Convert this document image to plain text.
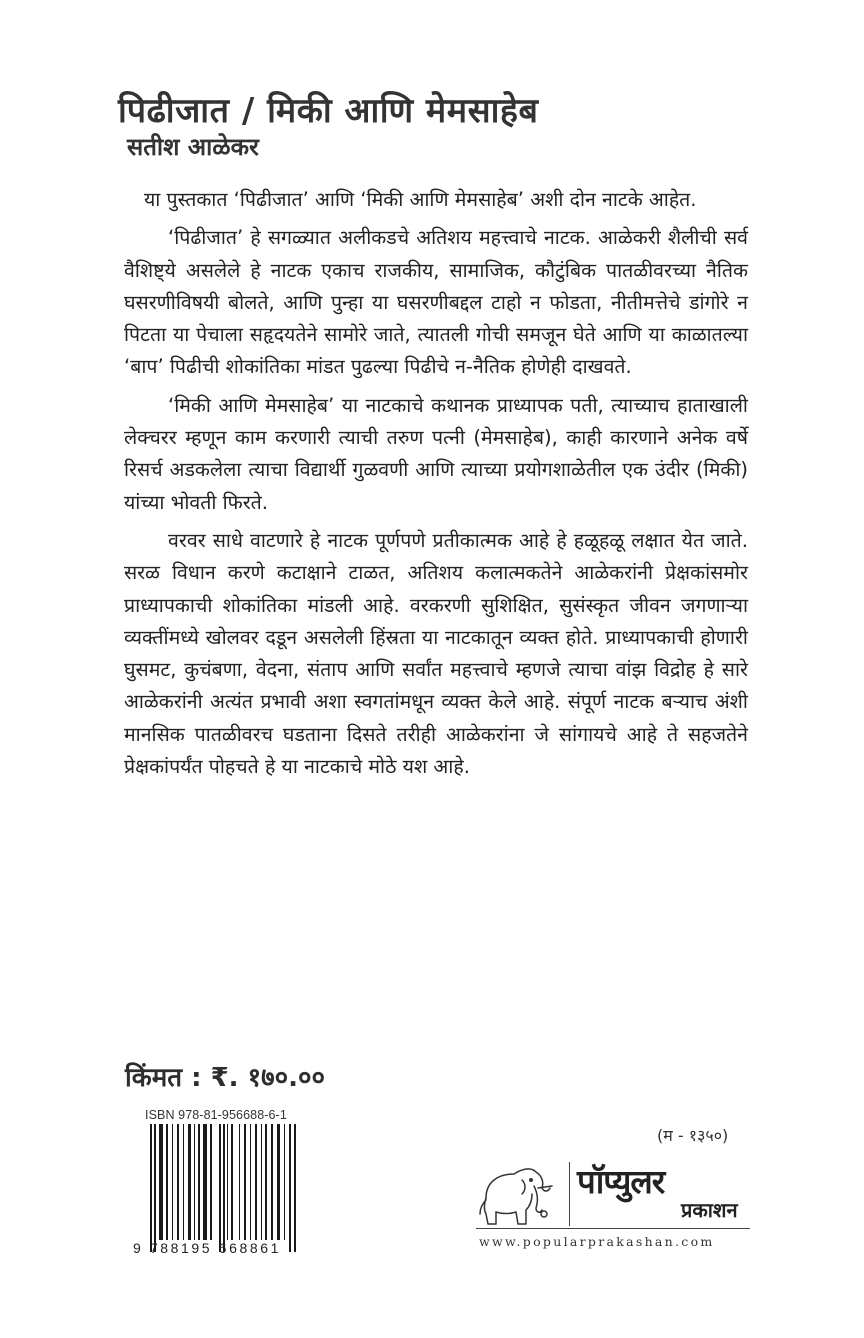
पिढीजात / मिकी आणि मेमसाहेब
सतीश आळेकर

या पुस्तकात ‘पिढीजात’ आणि ‘मिकी आणि मेमसाहेब’ अशी दोन नाटके आहेत.

‘पिढीजात’ हे सगळ्यात अलीकडचे अतिशय महत्त्वाचे नाटक. आळेकरी शैलीची सर्व वैशिष्ट्ये असलेले हे नाटक एकाच राजकीय, सामाजिक, कौटुंबिक पातळीवरच्या नैतिक घसरणीविषयी बोलते, आणि पुन्हा या घसरणीबद्दल टाहो न फोडता, नीतीमत्तेचे डांगोरे न पिटता या पेचाला सहृदयतेने सामोरे जाते, त्यातली गोची समजून घेते आणि या काळातल्या ‘बाप’ पिढीची शोकांतिका मांडत पुढल्या पिढीचे न-नैतिक होणेही दाखवते.

‘मिकी आणि मेमसाहेब’ या नाटकाचे कथानक प्राध्यापक पती, त्याच्याच हाताखाली लेक्चरर म्हणून काम करणारी त्याची तरुण पत्नी (मेमसाहेब), काही कारणाने अनेक वर्षे रिसर्च अडकलेला त्याचा विद्यार्थी गुळवणी आणि त्याच्या प्रयोगशाळेतील एक उंदीर (मिकी) यांच्या भोवती फिरते.

वरवर साधे वाटणारे हे नाटक पूर्णपणे प्रतीकात्मक आहे हे हळूहळू लक्षात येत जाते. सरळ विधान करणे कटाक्षाने टाळत, अतिशय कलात्मकतेने आळेकरांनी प्रेक्षकांसमोर प्राध्यापकाची शोकांतिका मांडली आहे. वरकरणी सुशिक्षित, सुसंस्कृत जीवन जगणाऱ्या व्यक्तींमध्ये खोलवर दडून असलेली हिंस्रता या नाटकातून व्यक्त होते. प्राध्यापकाची होणारी घुसमट, कुचंबणा, वेदना, संताप आणि सर्वांत महत्त्वाचे म्हणजे त्याचा वांझ विद्रोह हे सारे आळेकरांनी अत्यंत प्रभावी अशा स्वगतांमधून व्यक्त केले आहे. संपूर्ण नाटक बऱ्याच अंशी मानसिक पातळीवरच घडताना दिसते तरीही आळेकरांना जे सांगायचे आहे ते सहजतेने प्रेक्षकांपर्यंत पोहचते हे या नाटकाचे मोठे यश आहे.

किंमत : ₹. १७०.००
ISBN 978-81-956688-6-1
9 788195 668861
(म - १३५०)
पॉप्युलर
प्रकाशन
www.popularprakashan.com
